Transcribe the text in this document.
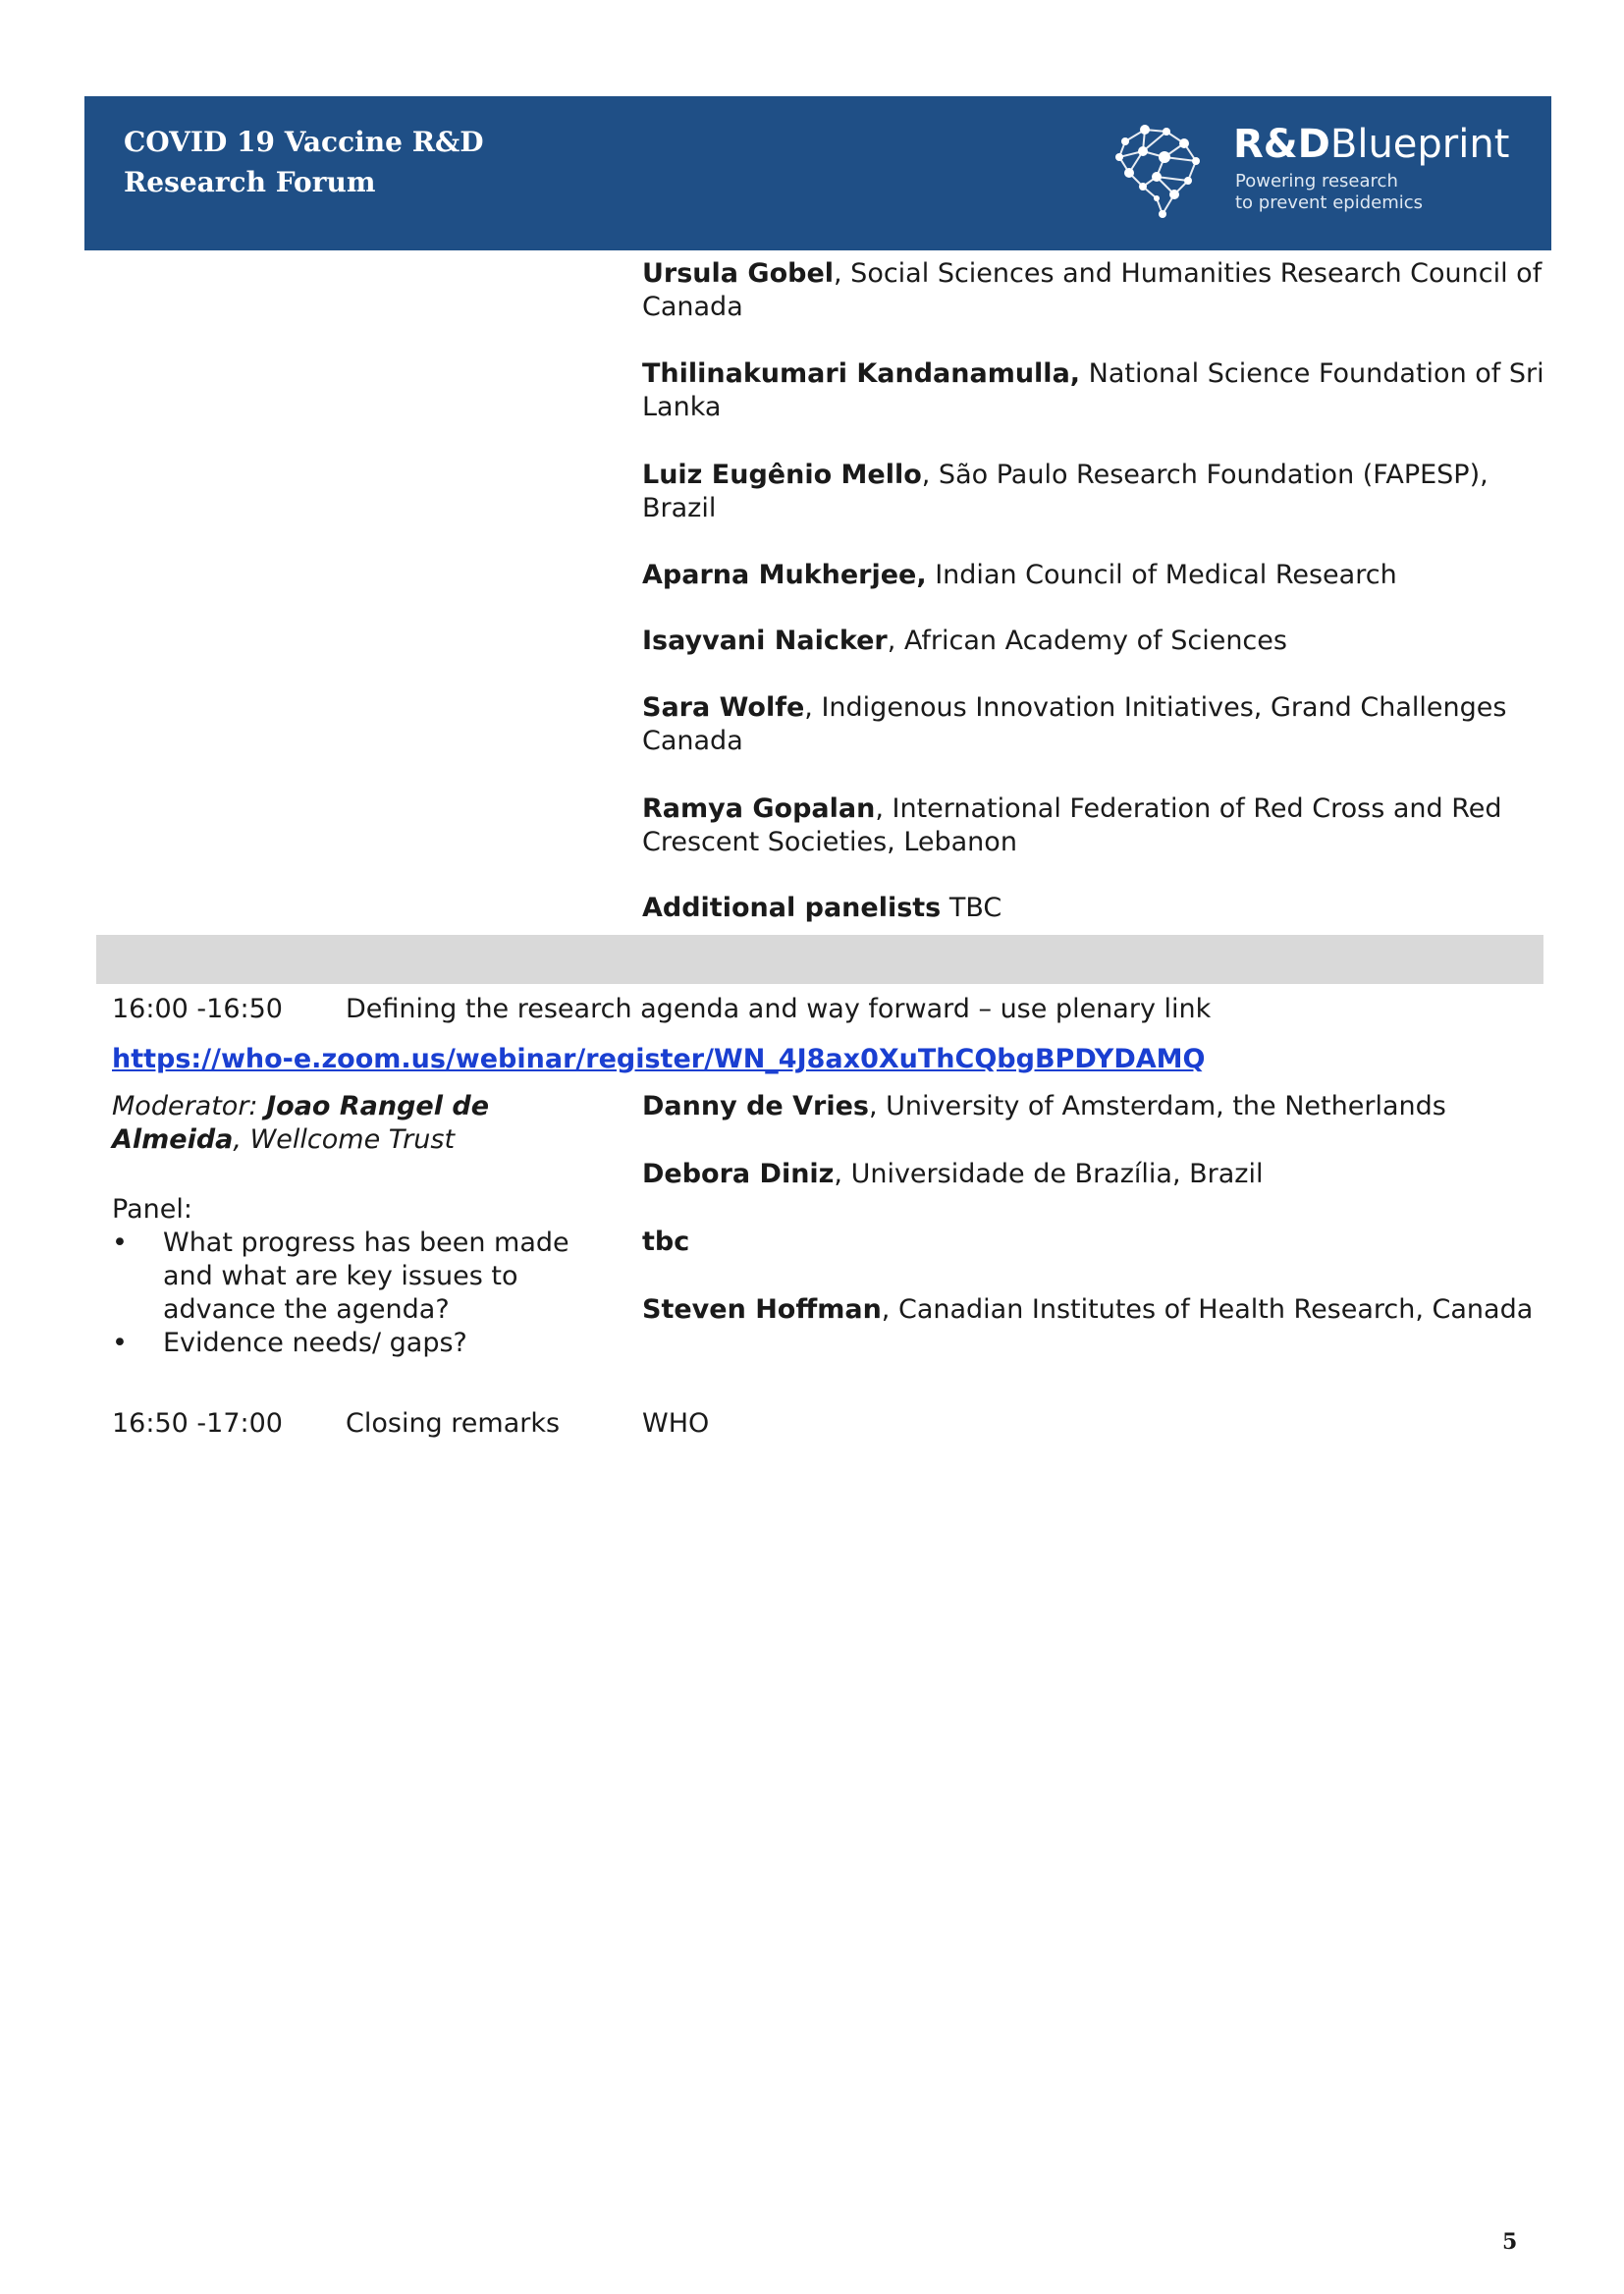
COVID 19 Vaccine R&D
Research Forum
R&DBlueprint
Powering research
to prevent epidemics
Ursula Gobel, Social Sciences and Humanities Research Council of Canada
Thilinakumari Kandanamulla, National Science Foundation of Sri Lanka
Luiz Eugênio Mello, São Paulo Research Foundation (FAPESP), Brazil
Aparna Mukherjee, Indian Council of Medical Research
Isayvani Naicker, African Academy of Sciences
Sara Wolfe, Indigenous Innovation Initiatives, Grand Challenges Canada
Ramya Gopalan, International Federation of Red Cross and Red Crescent Societies, Lebanon
Additional panelists TBC
16:00 -16:50 Defining the research agenda and way forward – use plenary link
https://who-e.zoom.us/webinar/register/WN_4J8ax0XuThCQbgBPDYDAMQ
Moderator: Joao Rangel de Almeida, Wellcome Trust
Panel:
• What progress has been made and what are key issues to advance the agenda?
• Evidence needs/ gaps?
Danny de Vries, University of Amsterdam, the Netherlands
Debora Diniz, Universidade de Brazília, Brazil
tbc
Steven Hoffman, Canadian Institutes of Health Research, Canada
16:50 -17:00 Closing remarks	WHO
5
